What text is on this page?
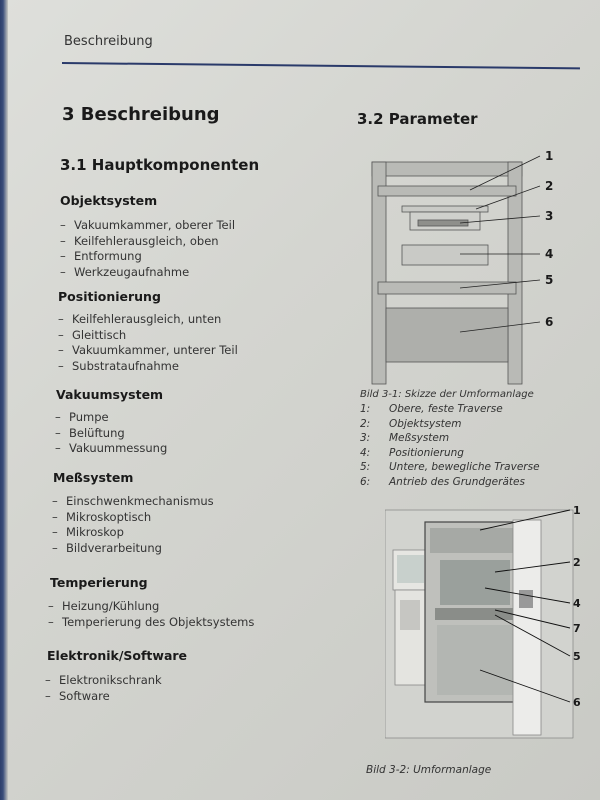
Beschreibung
3 Beschreibung
3.1 Hauptkomponenten
3.2 Parameter
Objektsystem
– Vakuumkammer, oberer Teil
– Keilfehlerausgleich, oben
– Entformung
– Werkzeugaufnahme
Positionierung
– Keilfehlerausgleich, unten
– Gleittisch
– Vakuumkammer, unterer Teil
– Substrataufnahme
Vakuumsystem
– Pumpe
– Belüftung
– Vakuummessung
Meßsystem
– Einschwenkmechanismus
– Mikroskoptisch
– Mikroskop
– Bildverarbeitung
Temperierung
– Heizung/Kühlung
– Temperierung des Objektsystems
Elektronik/Software
– Elektronikschrank
– Software
1
2
3
4
5
6
Bild 3-1: Skizze der Umformanlage
1:	Obere, feste Traverse
2:	Objektsystem
3:	Meßsystem
4:	Positionierung
5:	Untere, bewegliche Traverse
6:	Antrieb des Grundgerätes
1
2
4
7
5
6
Bild 3-2: Umformanlage
